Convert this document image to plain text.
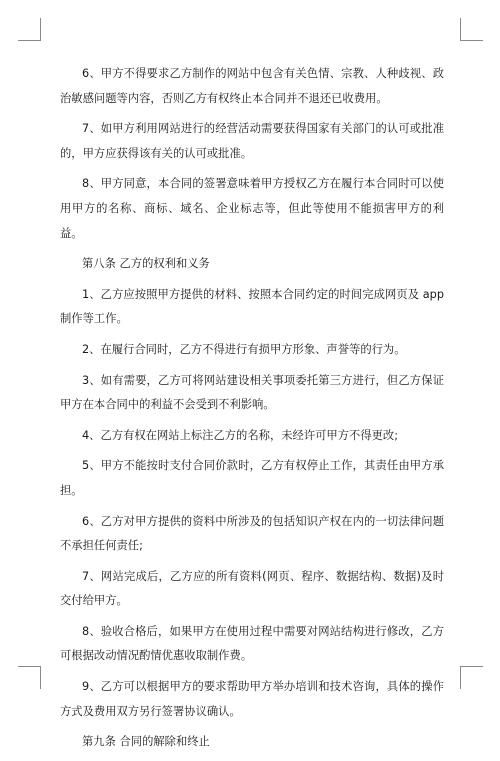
6、甲方不得要求乙方制作的网站中包含有关色情、宗教、人种歧视、政治敏感问题等内容，否则乙方有权终止本合同并不退还已收费用。

7、如甲方利用网站进行的经营活动需要获得国家有关部门的认可或批准的，甲方应获得该有关的认可或批准。

8、甲方同意，本合同的签署意味着甲方授权乙方在履行本合同时可以使用甲方的名称、商标、域名、企业标志等，但此等使用不能损害甲方的利益。

第八条 乙方的权利和义务

1、乙方应按照甲方提供的材料、按照本合同约定的时间完成网页及 app 制作等工作。

2、在履行合同时，乙方不得进行有损甲方形象、声誉等的行为。

3、如有需要，乙方可将网站建设相关事项委托第三方进行，但乙方保证甲方在本合同中的利益不会受到不利影响。

4、乙方有权在网站上标注乙方的名称，未经许可甲方不得更改;

5、甲方不能按时支付合同价款时，乙方有权停止工作，其责任由甲方承担。

6、乙方对甲方提供的资料中所涉及的包括知识产权在内的一切法律问题不承担任何责任;

7、网站完成后，乙方应的所有资料(网页、程序、数据结构、数据)及时交付给甲方。

8、验收合格后，如果甲方在使用过程中需要对网站结构进行修改，乙方可根据改动情况酌情优惠收取制作费。

9、乙方可以根据甲方的要求帮助甲方举办培训和技术咨询，具体的操作方式及费用双方另行签署协议确认。

第九条 合同的解除和终止
